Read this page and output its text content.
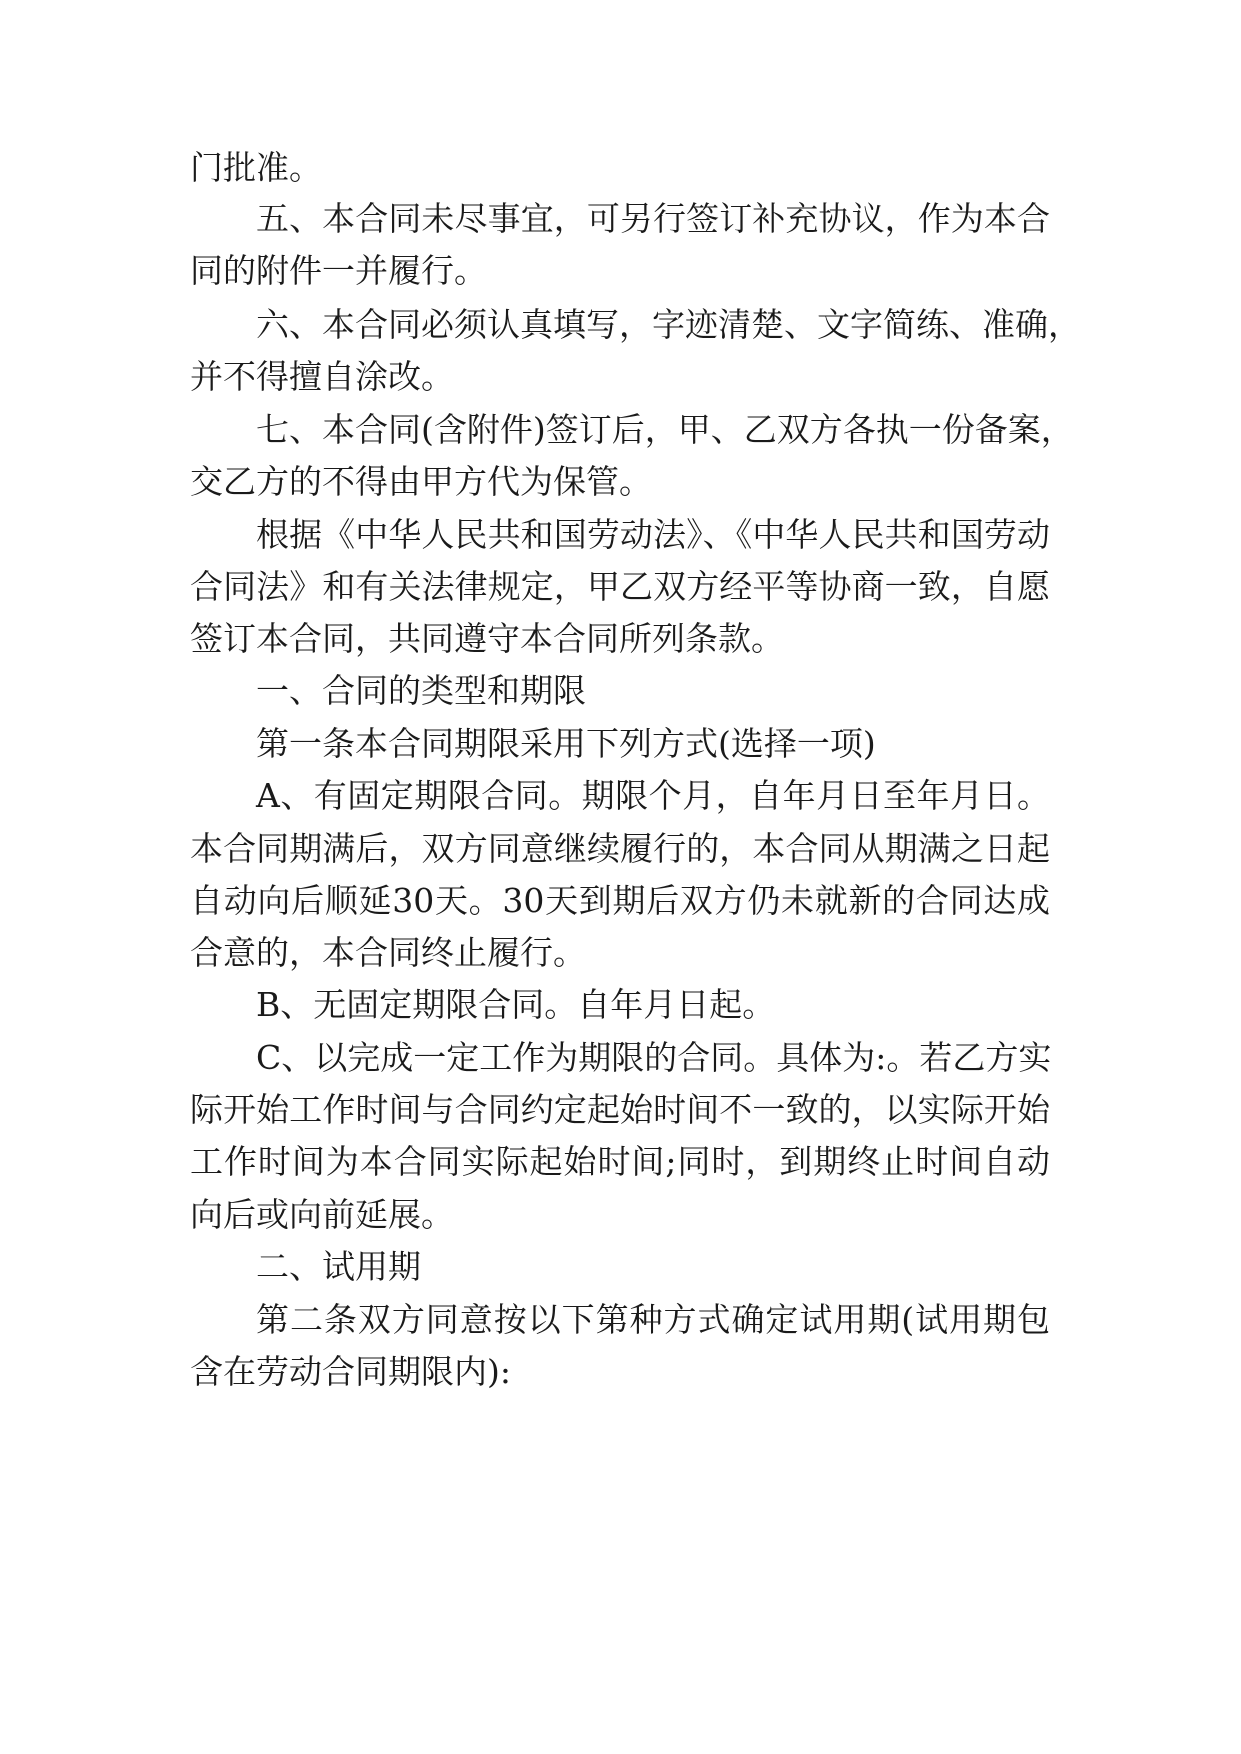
门批准。
五、本合同未尽事宜，可另行签订补充协议，作为本合
同的附件一并履行。
六、本合同必须认真填写，字迹清楚、文字简练、准确，
并不得擅自涂改。
七、本合同(含附件)签订后，甲、乙双方各执一份备案，
交乙方的不得由甲方代为保管。
根据《中华人民共和国劳动法》、《中华人民共和国劳动
合同法》和有关法律规定，甲乙双方经平等协商一致，自愿
签订本合同，共同遵守本合同所列条款。
一、合同的类型和期限
第一条本合同期限采用下列方式(选择一项)
A、有固定期限合同。期限个月，自年月日至年月日。
本合同期满后，双方同意继续履行的，本合同从期满之日起
自动向后顺延30天。30天到期后双方仍未就新的合同达成
合意的，本合同终止履行。
B、无固定期限合同。自年月日起。
C、以完成一定工作为期限的合同。具体为:。若乙方实
际开始工作时间与合同约定起始时间不一致的，以实际开始
工作时间为本合同实际起始时间;同时，到期终止时间自动
向后或向前延展。
二、试用期
第二条双方同意按以下第种方式确定试用期(试用期包
含在劳动合同期限内):
